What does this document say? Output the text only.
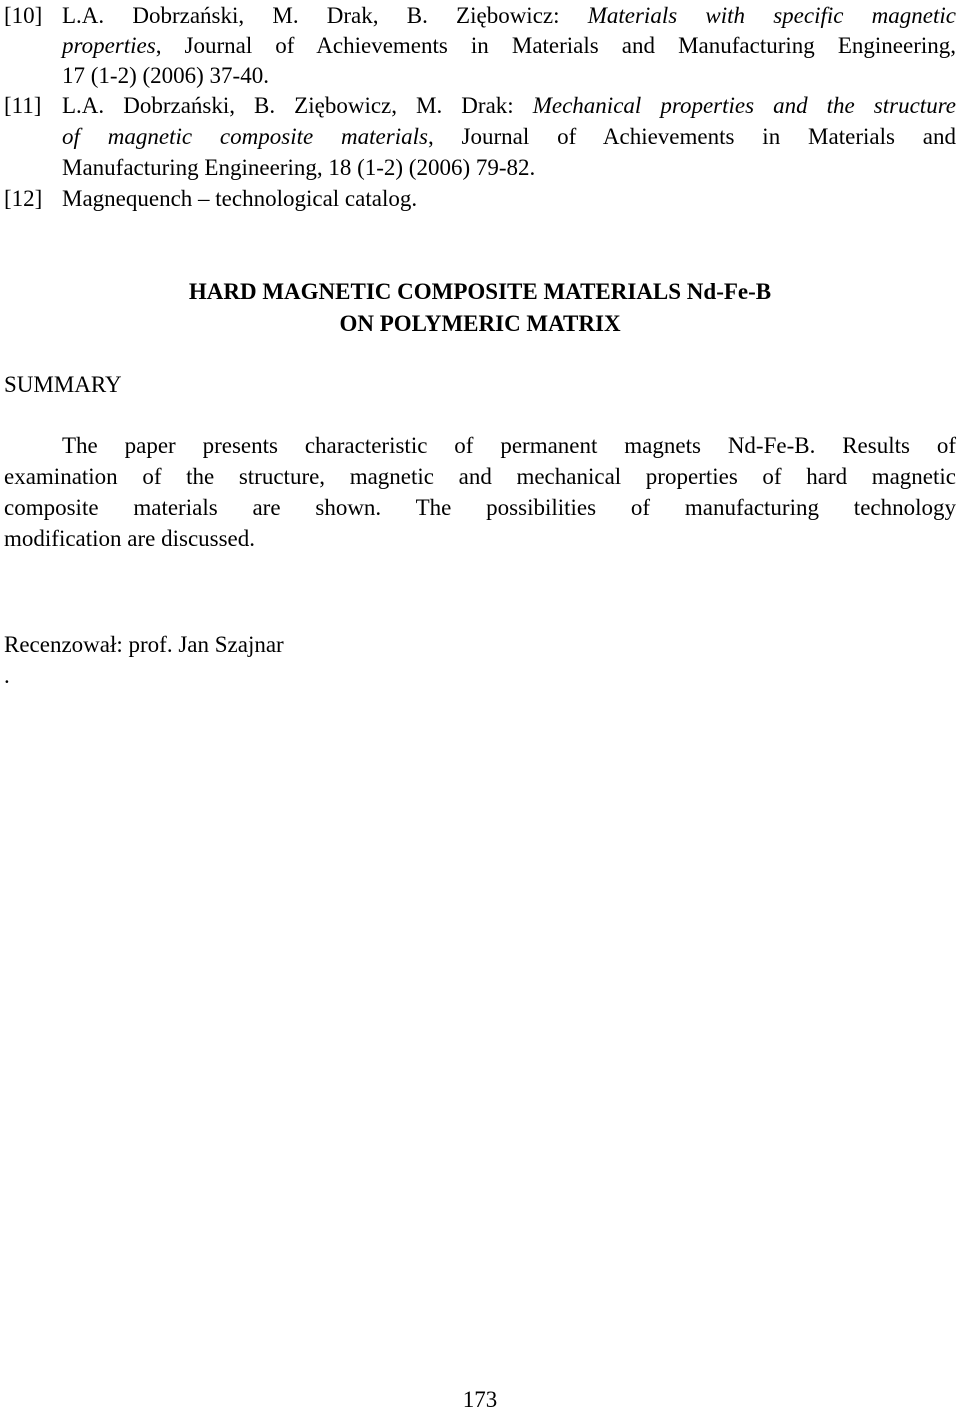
[10] L.A. Dobrzański, M. Drak, B. Ziębowicz: Materials with specific magnetic
properties, Journal of Achievements in Materials and Manufacturing Engineering,
17 (1-2) (2006) 37-40.
[11] L.A. Dobrzański, B. Ziębowicz, M. Drak: Mechanical properties and the structure
of magnetic composite materials, Journal of Achievements in Materials and
Manufacturing Engineering, 18 (1-2) (2006) 79-82.
[12] Magnequench – technological catalog.
HARD MAGNETIC COMPOSITE MATERIALS Nd-Fe-B
ON POLYMERIC MATRIX
SUMMARY
The paper presents characteristic of permanent magnets Nd-Fe-B. Results of
examination of the structure, magnetic and mechanical properties of hard magnetic
composite materials are shown. The possibilities of manufacturing technology
modification are discussed.
Recenzował: prof. Jan Szajnar
.
173
